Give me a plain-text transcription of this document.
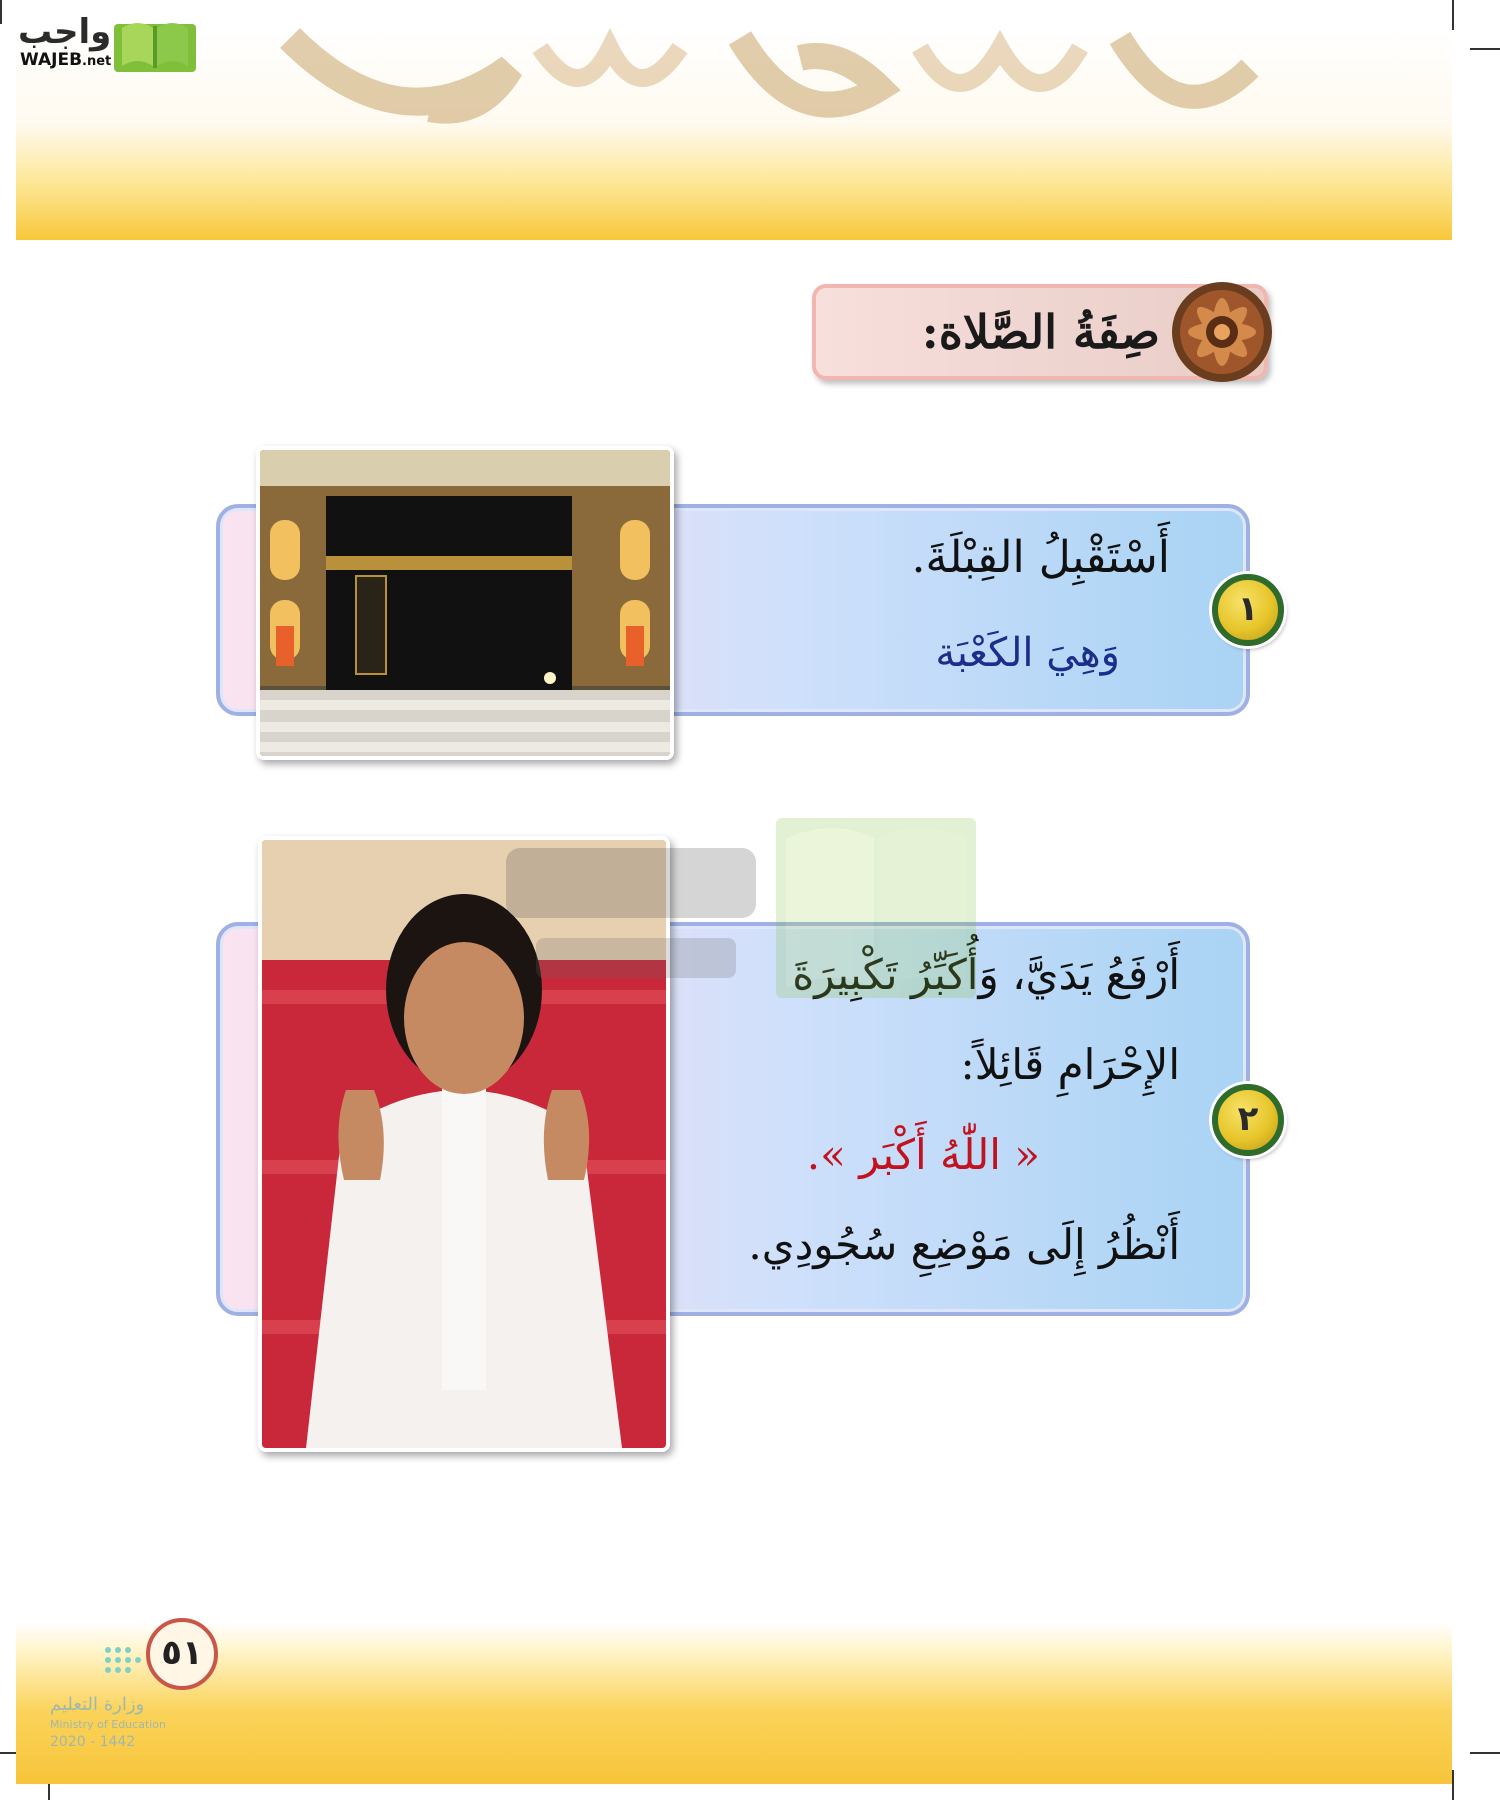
واجب
WAJEB.net
صِفَةُ الصَّلاة:
١
أَسْتَقْبِلُ القِبْلَةَ.
وَهِيَ الكَعْبَة
٢
أَرْفَعُ يَدَيَّ، وَأُكَبِّرُ تَكْبِيرَةَ
الإِحْرَامِ قَائِلاً:
« اللّٰهُ أَكْبَر ».
أَنْظُرُ إِلَى مَوْضِعِ سُجُودِي.
٥١
وزارة التعليم
Ministry of Education
2020 - 1442
